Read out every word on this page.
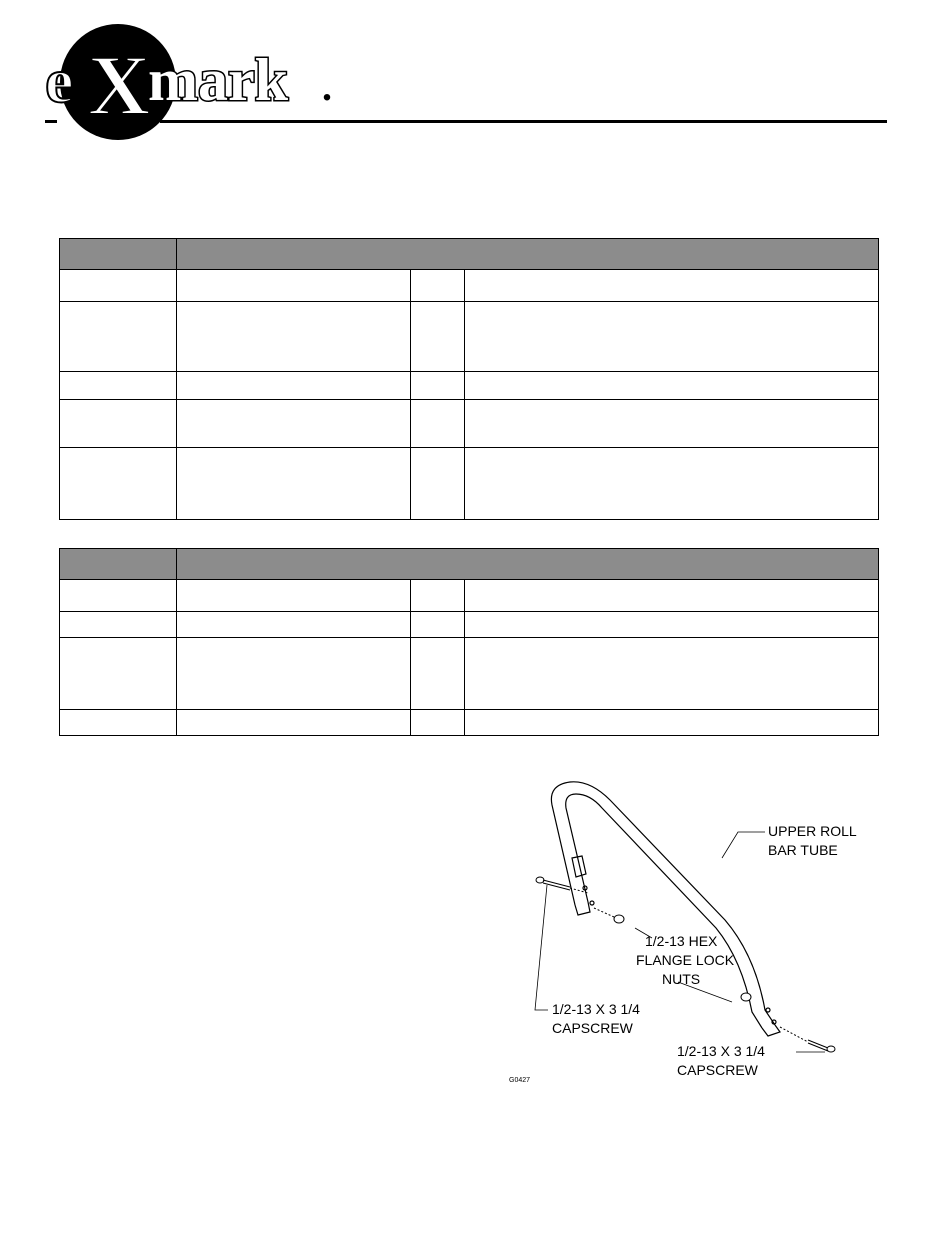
e X
mark .

UPPER ROLL
BAR TUBE
1/2-13 HEX
FLANGE LOCK
NUTS
1/2-13 X 3 1/4
CAPSCREW
1/2-13 X 3 1/4
CAPSCREW
G0427
